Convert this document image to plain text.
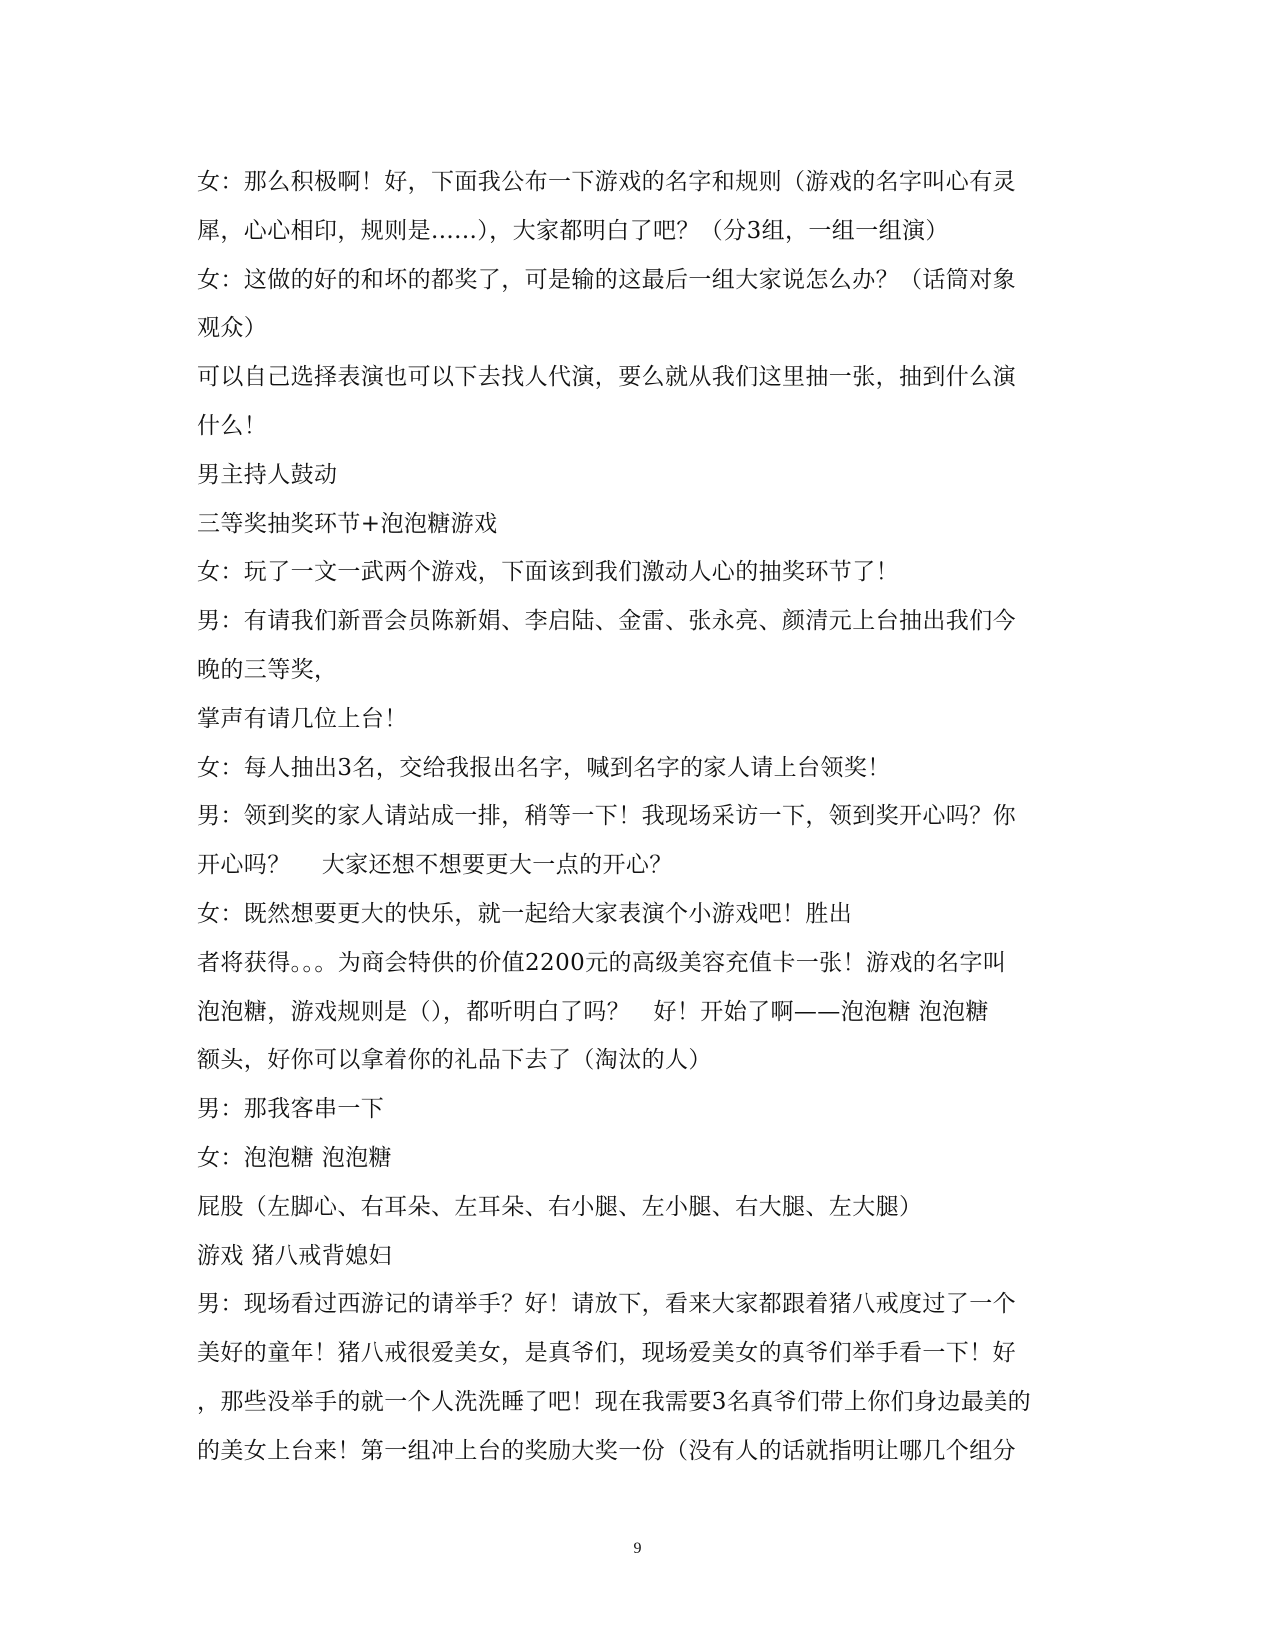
女：那么积极啊！好，下面我公布一下游戏的名字和规则（游戏的名字叫心有灵
犀，心心相印，规则是......），大家都明白了吧？（分3组，一组一组演）
女：这做的好的和坏的都奖了，可是输的这最后一组大家说怎么办？（话筒对象
观众）
可以自己选择表演也可以下去找人代演，要么就从我们这里抽一张，抽到什么演
什么！
男主持人鼓动
三等奖抽奖环节+泡泡糖游戏
女：玩了一文一武两个游戏，下面该到我们激动人心的抽奖环节了！
男：有请我们新晋会员陈新娟、李启陆、金雷、张永亮、颜清元上台抽出我们今
晚的三等奖，
掌声有请几位上台！
女：每人抽出3名，交给我报出名字，喊到名字的家人请上台领奖！
男：领到奖的家人请站成一排，稍等一下！我现场采访一下，领到奖开心吗？你
开心吗？　 大家还想不想要更大一点的开心？
女：既然想要更大的快乐，就一起给大家表演个小游戏吧！胜出
者将获得。。。为商会特供的价值2200元的高级美容充值卡一张！游戏的名字叫
泡泡糖，游戏规则是（），都听明白了吗？　好！开始了啊——泡泡糖 泡泡糖
额头，好你可以拿着你的礼品下去了（淘汰的人）
男：那我客串一下
女：泡泡糖 泡泡糖
屁股（左脚心、右耳朵、左耳朵、右小腿、左小腿、右大腿、左大腿）
游戏 猪八戒背媳妇
男：现场看过西游记的请举手？好！请放下，看来大家都跟着猪八戒度过了一个
美好的童年！猪八戒很爱美女，是真爷们，现场爱美女的真爷们举手看一下！好
，那些没举手的就一个人洗洗睡了吧！现在我需要3名真爷们带上你们身边最美的
的美女上台来！第一组冲上台的奖励大奖一份（没有人的话就指明让哪几个组分
9
